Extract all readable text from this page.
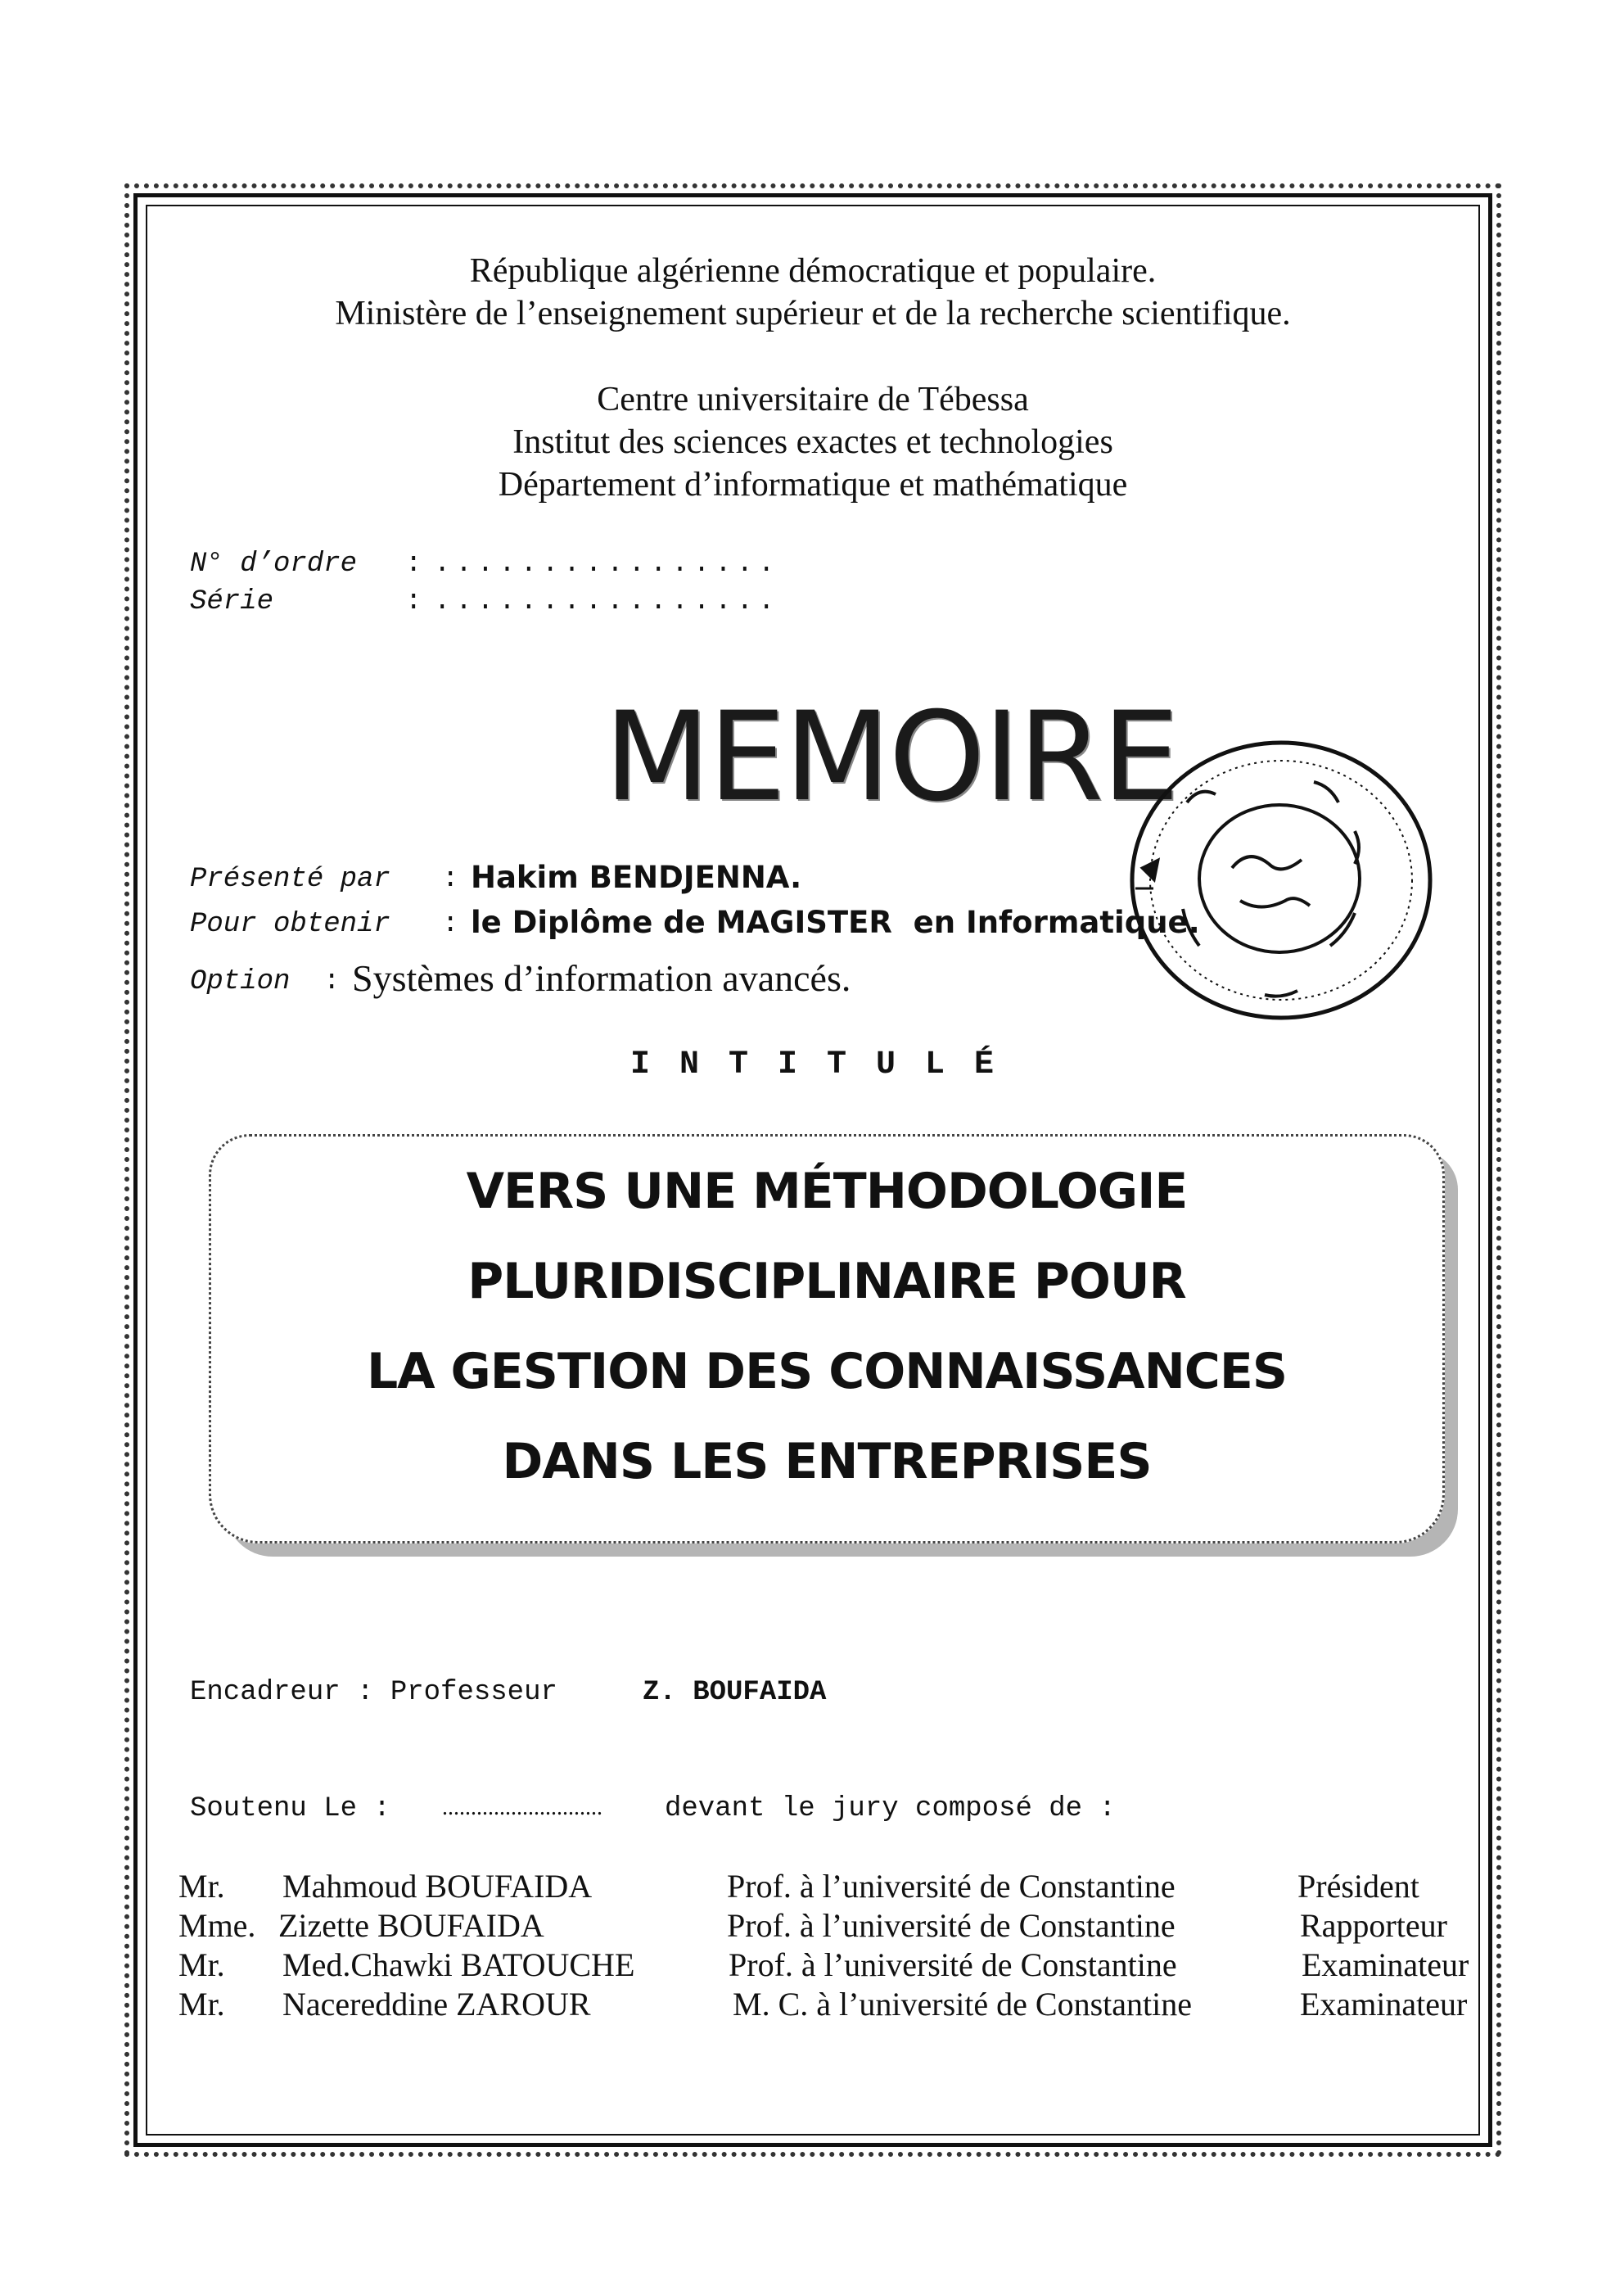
République algérienne démocratique et populaire.
Ministère de l’enseignement supérieur et de la recherche scientifique.
Centre universitaire de Tébessa
Institut des sciences exactes et technologies
Département d’informatique et mathématique
N° d’ordre : ................
Série	: ................
MEMOIRE
Présenté par : Hakim BENDJENNA.
Pour obtenir : le Diplôme de MAGISTER  en Informatique.
Option : Systèmes d’information avancés.
INTITULÉ
VERS UNE MÉTHODOLOGIE
PLURIDISCIPLINAIRE POUR
LA GESTION DES CONNAISSANCES
DANS LES ENTREPRISES
Encadreur : Professeur	Z. BOUFAIDA
Soutenu Le : ............................ devant le jury composé de :
Mr. Mahmoud BOUFAIDA	Prof. à l’université de Constantine	Président
Mme. Zizette BOUFAIDA	Prof. à l’université de Constantine	Rapporteur
Mr. Med.Chawki BATOUCHE	Prof. à l’université de Constantine	Examinateur
Mr. Nacereddine ZAROUR	M. C. à l’université de Constantine	Examinateur
